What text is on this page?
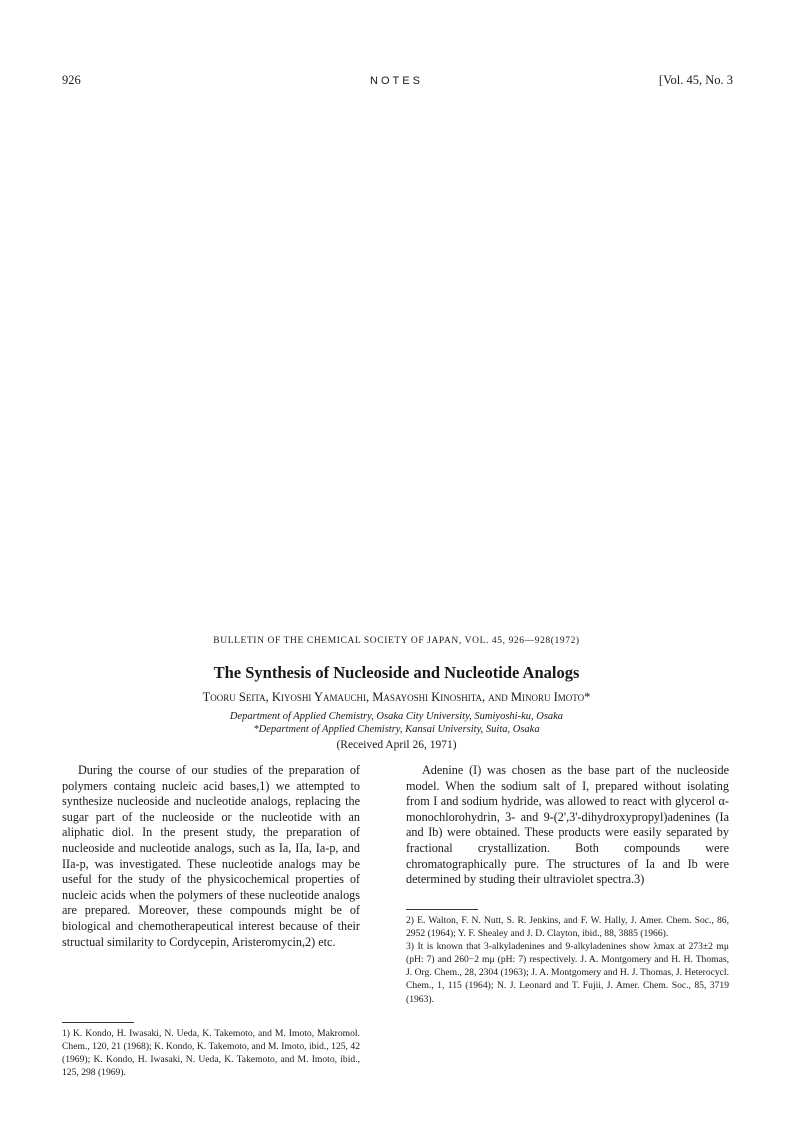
926	NOTES	[Vol. 45, No. 3
BULLETIN OF THE CHEMICAL SOCIETY OF JAPAN, VOL. 45, 926—928(1972)
The Synthesis of Nucleoside and Nucleotide Analogs
Tooru Seita, Kiyoshi Yamauchi, Masayoshi Kinoshita, and Minoru Imoto*
Department of Applied Chemistry, Osaka City University, Sumiyoshi-ku, Osaka
*Department of Applied Chemistry, Kansai University, Suita, Osaka
(Received April 26, 1971)

During the course of our studies of the preparation of polymers containg nucleic acid bases,1) we attempted to synthesize nucleoside and nucleotide analogs, replacing the sugar part of the nucleoside or the nucleotide with an aliphatic diol. In the present study, the preparation of nucleoside and nucleotide analogs, such as Ia, IIa, Ia-p, and IIa-p, was investigated. These nucleotide analogs may be useful for the study of the physicochemical properties of nucleic acids when the polymers of these nucleotide analogs are prepared. Moreover, these compounds might be of biological and chemotherapeutical interest because of their structual similarity to Cordycepin, Aristeromycin,2) etc.

1) K. Kondo, H. Iwasaki, N. Ueda, K. Takemoto, and M. Imoto, Makromol. Chem., 120, 21 (1968); K. Kondo, K. Takemoto, and M. Imoto, ibid., 125, 42 (1969); K. Kondo, H. Iwasaki, N. Ueda, K. Takemoto, and M. Imoto, ibid., 125, 298 (1969).

Adenine (I) was chosen as the base part of the nucleoside model. When the sodium salt of I, prepared without isolating from I and sodium hydride, was allowed to react with glycerol α-monochlorohydrin, 3- and 9-(2',3'-dihydroxypropyl)adenines (Ia and Ib) were obtained. These products were easily separated by fractional crystallization. Both compounds were chromatographically pure. The structures of Ia and Ib were determined by studing their ultraviolet spectra.3)

2) E. Walton, F. N. Nutt, S. R. Jenkins, and F. W. Hally, J. Amer. Chem. Soc., 86, 2952 (1964); Y. F. Shealey and J. D. Clayton, ibid., 88, 3885 (1966).

3) It is known that 3-alkyladenines and 9-alkyladenines show λmax at 273±2 mμ (pH: 7) and 260−2 mμ (pH: 7) respectively. J. A. Montgomery and H. H. Thomas, J. Org. Chem., 28, 2304 (1963); J. A. Montgomery and H. J. Thomas, J. Heterocycl. Chem., 1, 115 (1964); N. J. Leonard and T. Fujii, J. Amer. Chem. Soc., 85, 3719 (1963).
